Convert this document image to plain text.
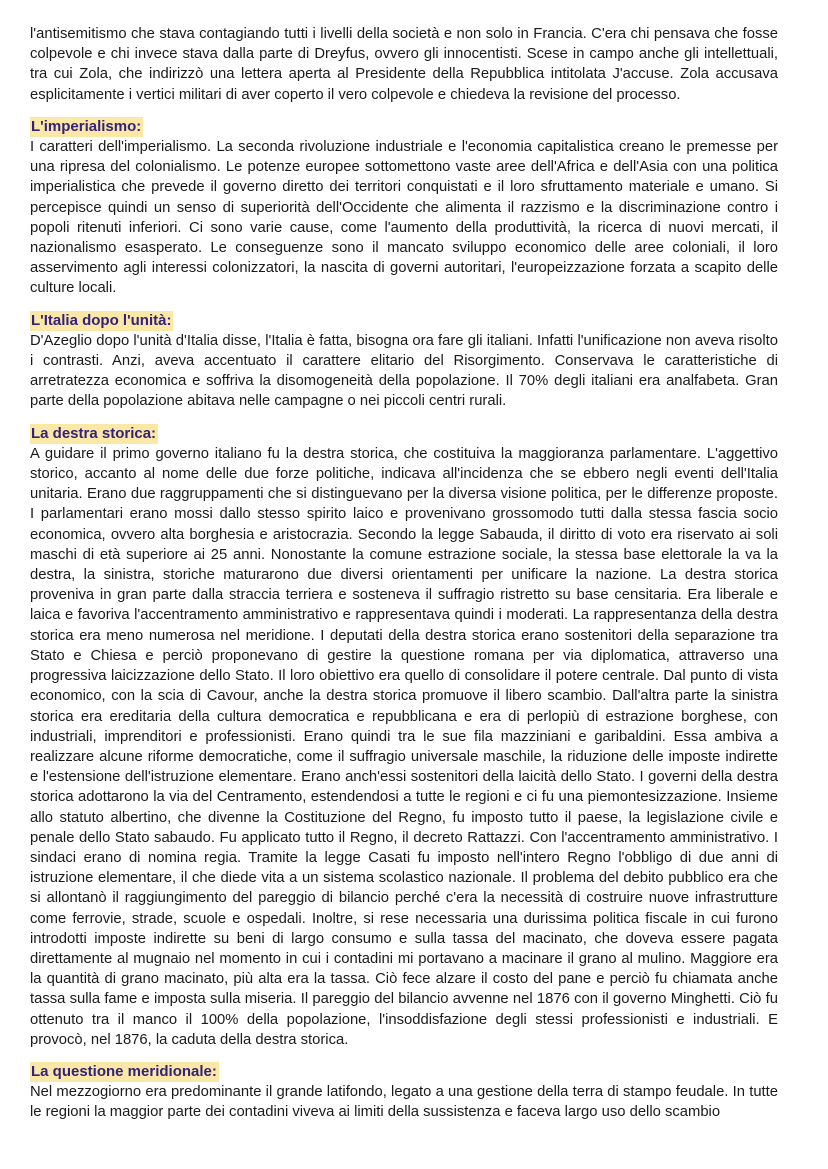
l'antisemitismo che stava contagiando tutti i livelli della società e non solo in Francia. C'era chi pensava che fosse colpevole e chi invece stava dalla parte di Dreyfus, ovvero gli innocentisti. Scese in campo anche gli intellettuali, tra cui Zola, che indirizzò una lettera aperta al Presidente della Repubblica intitolata J'accuse. Zola accusava esplicitamente i vertici militari di aver coperto il vero colpevole e chiedeva la revisione del processo.

L'imperialismo:

I caratteri dell'imperialismo. La seconda rivoluzione industriale e l'economia capitalistica creano le premesse per una ripresa del colonialismo. Le potenze europee sottomettono vaste aree dell'Africa e dell'Asia con una politica imperialistica che prevede il governo diretto dei territori conquistati e il loro sfruttamento materiale e umano. Si percepisce quindi un senso di superiorità dell'Occidente che alimenta il razzismo e la discriminazione contro i popoli ritenuti inferiori. Ci sono varie cause, come l'aumento della produttività, la ricerca di nuovi mercati, il nazionalismo esasperato. Le conseguenze sono il mancato sviluppo economico delle aree coloniali, il loro asservimento agli interessi colonizzatori, la nascita di governi autoritari, l'europeizzazione forzata a scapito delle culture locali.

L'Italia dopo l'unità:

D'Azeglio dopo l'unità d'Italia disse, l'Italia è fatta, bisogna ora fare gli italiani. Infatti l'unificazione non aveva risolto i contrasti. Anzi, aveva accentuato il carattere elitario del Risorgimento. Conservava le caratteristiche di arretratezza economica e soffriva la disomogeneità della popolazione. Il 70% degli italiani era analfabeta. Gran parte della popolazione abitava nelle campagne o nei piccoli centri rurali.

La destra storica:

A guidare il primo governo italiano fu la destra storica, che costituiva la maggioranza parlamentare. L'aggettivo storico, accanto al nome delle due forze politiche, indicava all'incidenza che se ebbero negli eventi dell'Italia unitaria. Erano due raggruppamenti che si distinguevano per la diversa visione politica, per le differenze proposte. I parlamentari erano mossi dallo stesso spirito laico e provenivano grossomodo tutti dalla stessa fascia socio economica, ovvero alta borghesia e aristocrazia. Secondo la legge Sabauda, il diritto di voto era riservato ai soli maschi di età superiore ai 25 anni. Nonostante la comune estrazione sociale, la stessa base elettorale la va la destra, la sinistra, storiche maturarono due diversi orientamenti per unificare la nazione. La destra storica proveniva in gran parte dalla straccia terriera e sosteneva il suffragio ristretto su base censitaria. Era liberale e laica e favoriva l'accentramento amministrativo e rappresentava quindi i moderati. La rappresentanza della destra storica era meno numerosa nel meridione. I deputati della destra storica erano sostenitori della separazione tra Stato e Chiesa e perciò proponevano di gestire la questione romana per via diplomatica, attraverso una progressiva laicizzazione dello Stato. Il loro obiettivo era quello di consolidare il potere centrale. Dal punto di vista economico, con la scia di Cavour, anche la destra storica promuove il libero scambio. Dall'altra parte la sinistra storica era ereditaria della cultura democratica e repubblicana e era di perlopiù di estrazione borghese, con industriali, imprenditori e professionisti. Erano quindi tra le sue fila mazziniani e garibaldini. Essa ambiva a realizzare alcune riforme democratiche, come il suffragio universale maschile, la riduzione delle imposte indirette e l'estensione dell'istruzione elementare. Erano anch'essi sostenitori della laicità dello Stato. I governi della destra storica adottarono la via del Centramento, estendendosi a tutte le regioni e ci fu una piemontesizzazione. Insieme allo statuto albertino, che divenne la Costituzione del Regno, fu imposto tutto il paese, la legislazione civile e penale dello Stato sabaudo. Fu applicato tutto il Regno, il decreto Rattazzi. Con l'accentramento amministrativo. I sindaci erano di nomina regia. Tramite la legge Casati fu imposto nell'intero Regno l'obbligo di due anni di istruzione elementare, il che diede vita a un sistema scolastico nazionale. Il problema del debito pubblico era che si allontanò il raggiungimento del pareggio di bilancio perché c'era la necessità di costruire nuove infrastrutture come ferrovie, strade, scuole e ospedali. Inoltre, si rese necessaria una durissima politica fiscale in cui furono introdotti imposte indirette su beni di largo consumo e sulla tassa del macinato, che doveva essere pagata direttamente al mugnaio nel momento in cui i contadini mi portavano a macinare il grano al mulino. Maggiore era la quantità di grano macinato, più alta era la tassa. Ciò fece alzare il costo del pane e perciò fu chiamata anche tassa sulla fame e imposta sulla miseria. Il pareggio del bilancio avvenne nel 1876 con il governo Minghetti. Ciò fu ottenuto tra il manco il 100% della popolazione, l'insoddisfazione degli stessi professionisti e industriali. E provocò, nel 1876, la caduta della destra storica.

La questione meridionale:

Nel mezzogiorno era predominante il grande latifondo, legato a una gestione della terra di stampo feudale. In tutte le regioni la maggior parte dei contadini viveva ai limiti della sussistenza e faceva largo uso dello scambio
